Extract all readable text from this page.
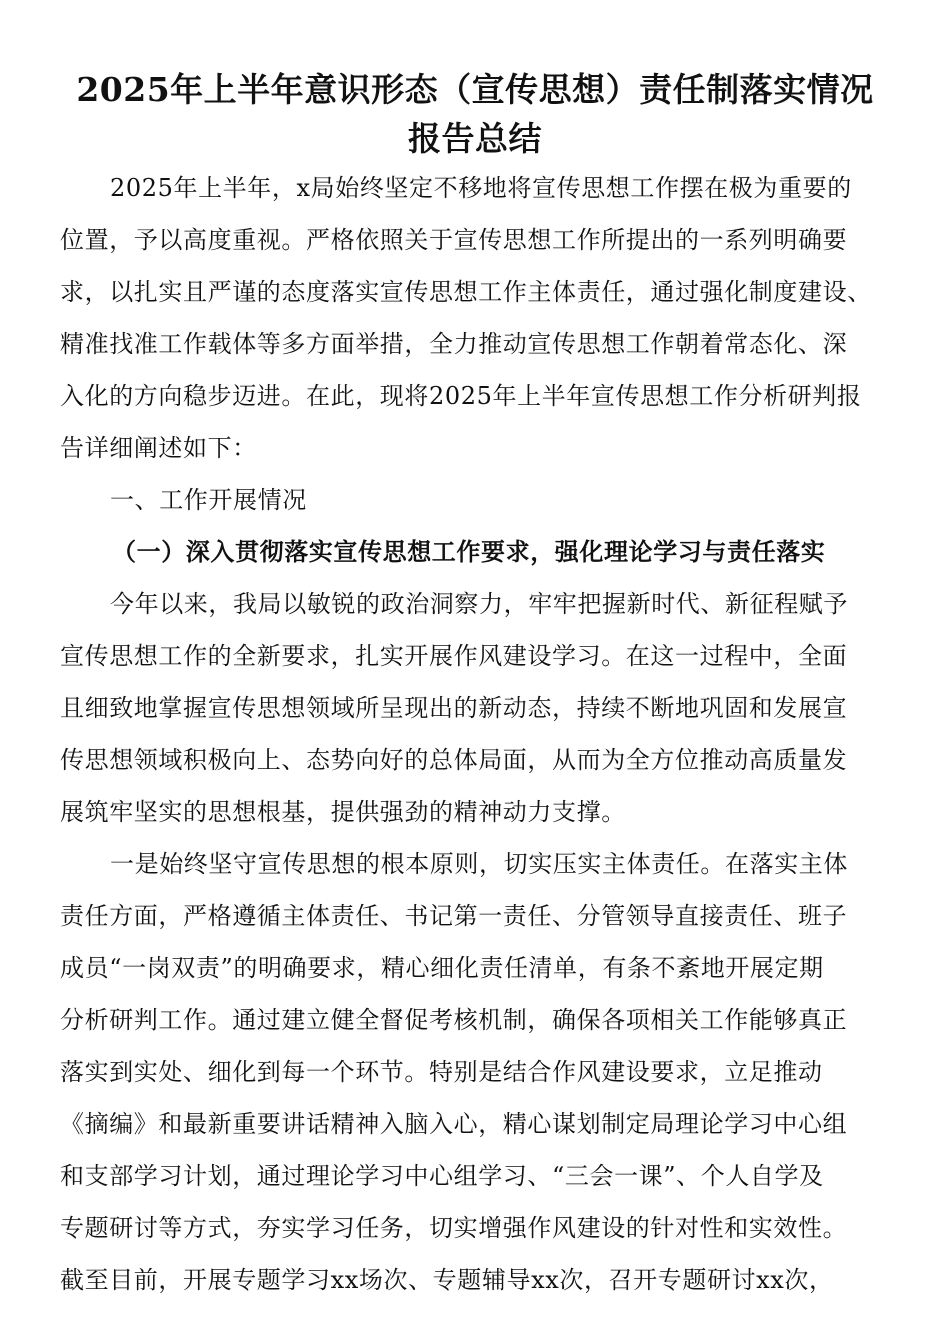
2025年上半年意识形态（宣传思想）责任制落实情况
报告总结
2025年上半年，x局始终坚定不移地将宣传思想工作摆在极为重要的
位置，予以高度重视。严格依照关于宣传思想工作所提出的一系列明确要
求，以扎实且严谨的态度落实宣传思想工作主体责任，通过强化制度建设、
精准找准工作载体等多方面举措，全力推动宣传思想工作朝着常态化、深
入化的方向稳步迈进。在此，现将2025年上半年宣传思想工作分析研判报
告详细阐述如下：
一、工作开展情况
（一）深入贯彻落实宣传思想工作要求，强化理论学习与责任落实
今年以来，我局以敏锐的政治洞察力，牢牢把握新时代、新征程赋予
宣传思想工作的全新要求，扎实开展作风建设学习。在这一过程中，全面
且细致地掌握宣传思想领域所呈现出的新动态，持续不断地巩固和发展宣
传思想领域积极向上、态势向好的总体局面，从而为全方位推动高质量发
展筑牢坚实的思想根基，提供强劲的精神动力支撑。
一是始终坚守宣传思想的根本原则，切实压实主体责任。在落实主体
责任方面，严格遵循主体责任、书记第一责任、分管领导直接责任、班子
成员“一岗双责”的明确要求，精心细化责任清单，有条不紊地开展定期
分析研判工作。通过建立健全督促考核机制，确保各项相关工作能够真正
落实到实处、细化到每一个环节。特别是结合作风建设要求，立足推动
《摘编》和最新重要讲话精神入脑入心，精心谋划制定局理论学习中心组
和支部学习计划，通过理论学习中心组学习、“三会一课”、个人自学及
专题研讨等方式，夯实学习任务，切实增强作风建设的针对性和实效性。
截至目前，开展专题学习xx场次、专题辅导xx次，召开专题研讨xx次，
